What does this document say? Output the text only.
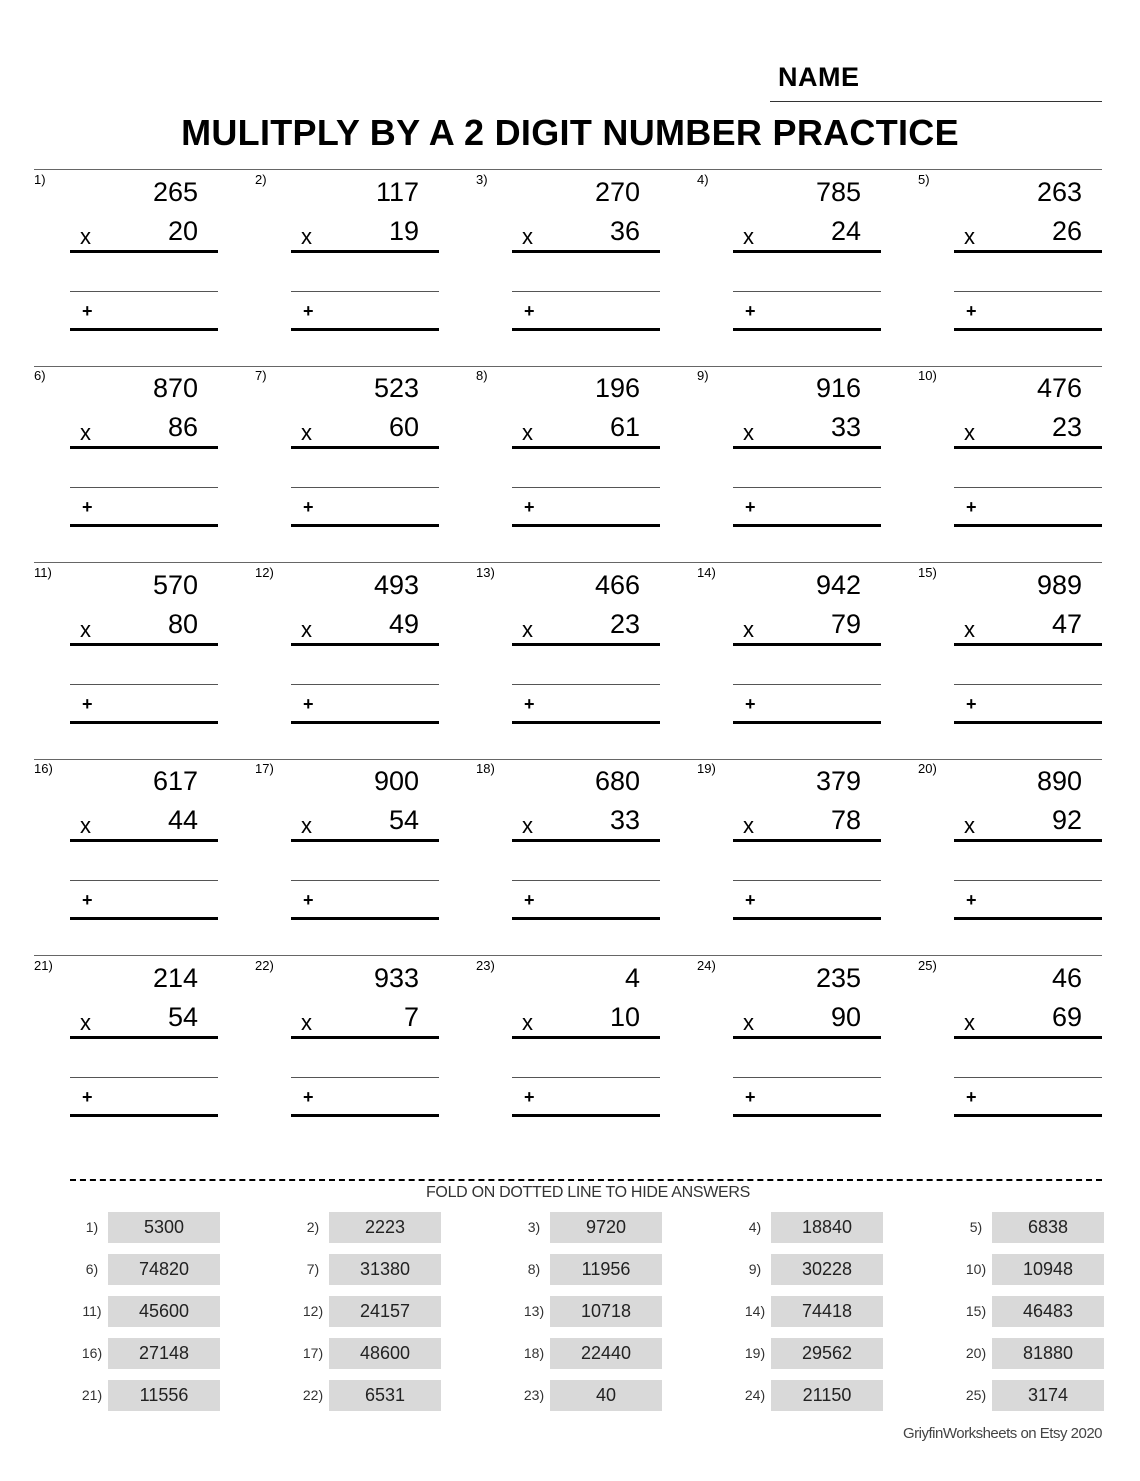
NAME
MULITPLY BY A 2 DIGIT NUMBER PRACTICE
1)	265
x	20
+
2)	117
x	19
+
3)	270
x	36
+
4)	785
x	24
+
5)	263
x	26
+
6)	870
x	86
+
7)	523
x	60
+
8)	196
x	61
+
9)	916
x	33
+
10)	476
x	23
+
11)	570
x	80
+
12)	493
x	49
+
13)	466
x	23
+
14)	942
x	79
+
15)	989
x	47
+
16)	617
x	44
+
17)	900
x	54
+
18)	680
x	33
+
19)	379
x	78
+
20)	890
x	92
+
21)	214
x	54
+
22)	933
x	7
+
23)	4
x	10
+
24)	235
x	90
+
25)	46
x	69
+
FOLD ON DOTTED LINE TO HIDE ANSWERS
1)	5300	2)	2223	3)	9720	4)	18840	5)	6838
6)	74820	7)	31380	8)	11956	9)	30228	10)	10948
11)	45600	12)	24157	13)	10718	14)	74418	15)	46483
16)	27148	17)	48600	18)	22440	19)	29562	20)	81880
21)	11556	22)	6531	23)	40	24)	21150	25)	3174
GriyfinWorksheets on Etsy 2020
